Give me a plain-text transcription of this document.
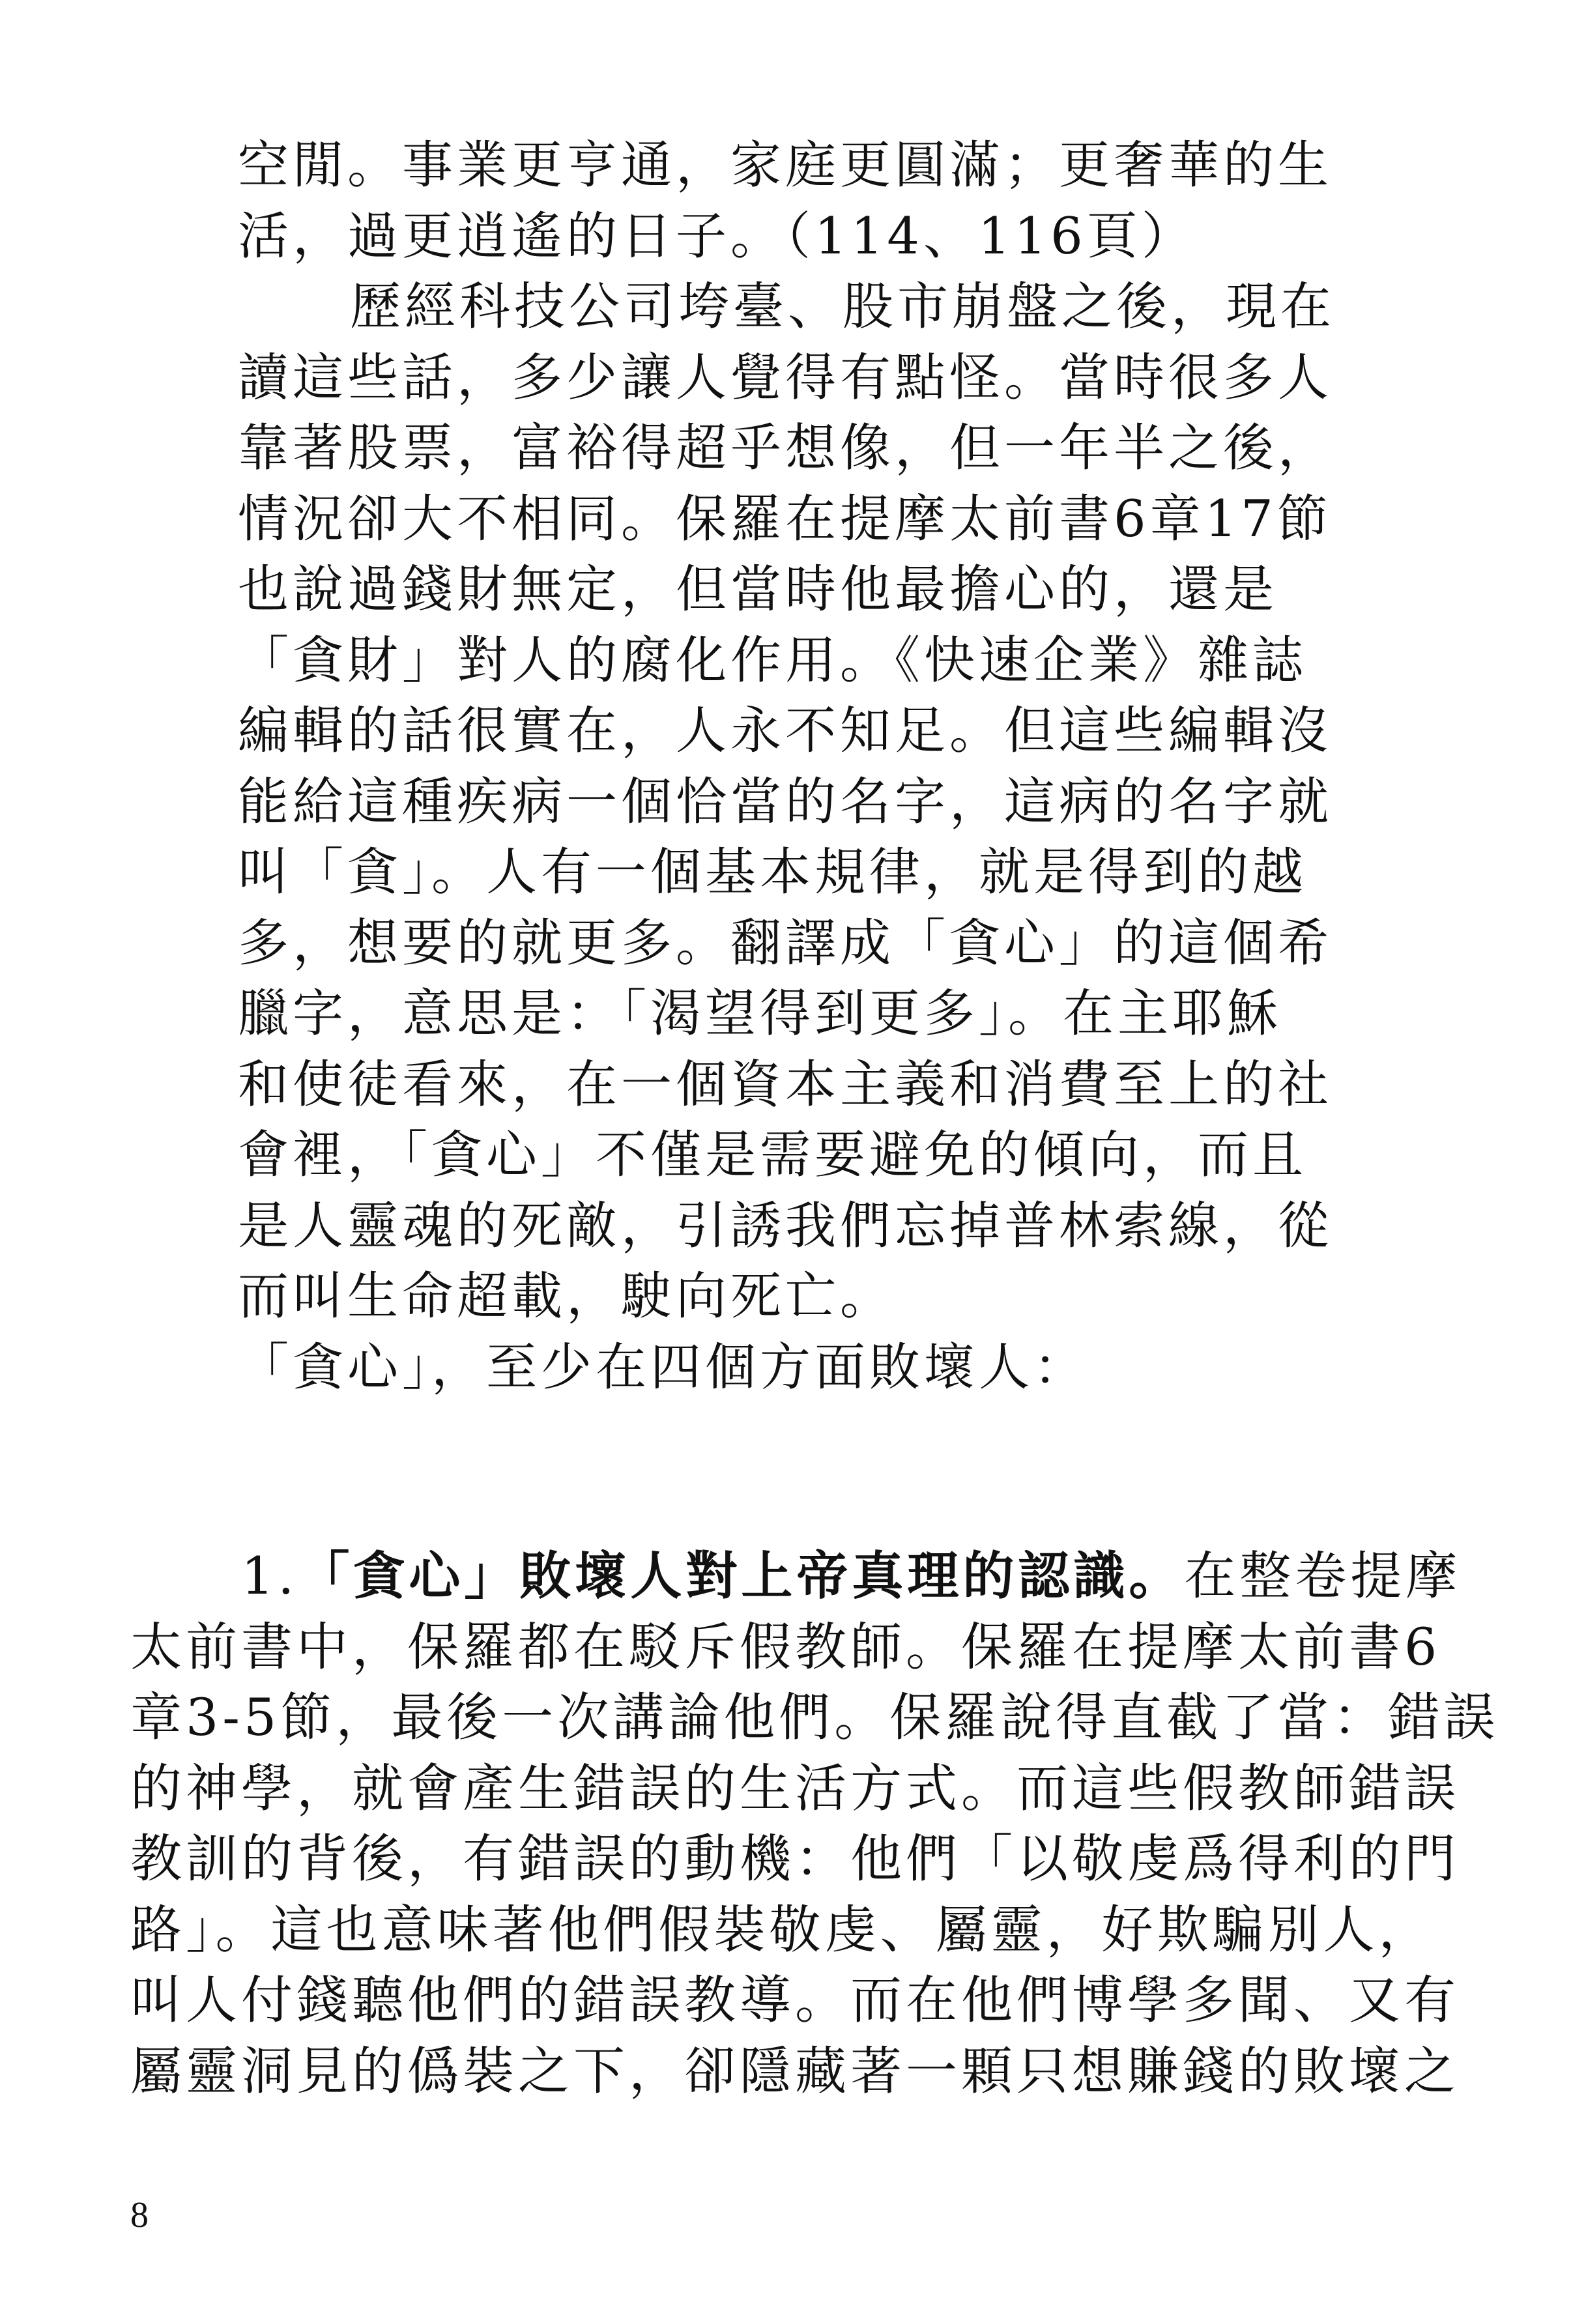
空閒。事業更亨通，家庭更圓滿；更奢華的生
活，過更逍遙的日子。（114、116頁）
歷經科技公司垮臺、股市崩盤之後，現在
讀這些話，多少讓人覺得有點怪。當時很多人
靠著股票，富裕得超乎想像，但一年半之後，
情況卻大不相同。保羅在提摩太前書6章17節
也說過錢財無定，但當時他最擔心的，還是
「貪財」對人的腐化作用。《快速企業》雜誌
編輯的話很實在，人永不知足。但這些編輯沒
能給這種疾病一個恰當的名字，這病的名字就
叫「貪」。人有一個基本規律，就是得到的越
多，想要的就更多。翻譯成「貪心」的這個希
臘字，意思是：「渴望得到更多」。在主耶穌
和使徒看來，在一個資本主義和消費至上的社
會裡，「貪心」不僅是需要避免的傾向，而且
是人靈魂的死敵，引誘我們忘掉普林索線，從
而叫生命超載，駛向死亡。
「貪心」，至少在四個方面敗壞人：
1.「貪心」敗壞人對上帝真理的認識。在整卷提摩
太前書中，保羅都在駁斥假教師。保羅在提摩太前書6
章3-5節，最後一次講論他們。保羅說得直截了當：錯誤
的神學，就會產生錯誤的生活方式。而這些假教師錯誤
教訓的背後，有錯誤的動機：他們「以敬虔爲得利的門
路」。這也意味著他們假裝敬虔、屬靈，好欺騙別人，
叫人付錢聽他們的錯誤教導。而在他們博學多聞、又有
屬靈洞見的僞裝之下，卻隱藏著一顆只想賺錢的敗壞之
8
